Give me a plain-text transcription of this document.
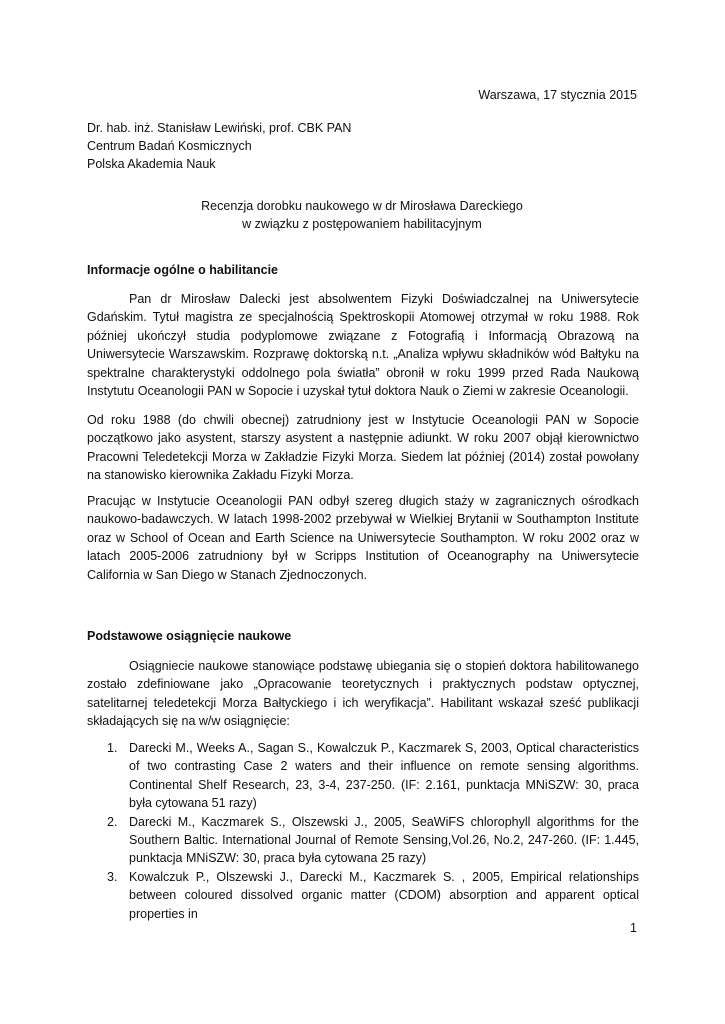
Warszawa, 17 stycznia 2015
Dr. hab. inż. Stanisław Lewiński, prof. CBK PAN
Centrum Badań Kosmicznych
Polska Akademia Nauk
Recenzja dorobku naukowego w dr Mirosława Dareckiego
w związku z postępowaniem habilitacyjnym
Informacje ogólne o habilitancie
Pan dr Mirosław Dalecki jest absolwentem Fizyki Doświadczalnej na Uniwersytecie Gdańskim. Tytuł magistra ze specjalnością Spektroskopii Atomowej otrzymał w roku 1988. Rok później ukończył studia podyplomowe związane z Fotografią i Informacją Obrazową na Uniwersytecie Warszawskim. Rozprawę doktorską n.t. „Analiza wpływu składników wód Bałtyku na spektralne charakterystyki oddolnego pola światła” obronił w roku 1999 przed Rada Naukową Instytutu Oceanologii PAN w Sopocie i uzyskał tytuł doktora Nauk o Ziemi w zakresie Oceanologii.
Od roku 1988 (do chwili obecnej) zatrudniony jest w Instytucie Oceanologii PAN w Sopocie początkowo jako asystent, starszy asystent a następnie adiunkt. W roku 2007 objął kierownictwo Pracowni Teledetekcji Morza w Zakładzie Fizyki Morza. Siedem lat później (2014) został powołany na stanowisko kierownika Zakładu Fizyki Morza.
Pracując w Instytucie Oceanologii PAN odbył szereg długich staży w zagranicznych ośrodkach naukowo-badawczych. W latach 1998-2002 przebywał w Wielkiej Brytanii w Southampton Institute oraz w School of Ocean and Earth Science na Uniwersytecie Southampton. W roku 2002 oraz w latach 2005-2006 zatrudniony był w Scripps Institution of Oceanography na Uniwersytecie California w San Diego w Stanach Zjednoczonych.
Podstawowe osiągnięcie naukowe
Osiągniecie naukowe stanowiące podstawę ubiegania się o stopień doktora habilitowanego zostało zdefiniowane jako „Opracowanie teoretycznych i praktycznych podstaw optycznej, satelitarnej teledetekcji Morza Bałtyckiego i ich weryfikacja”. Habilitant wskazał sześć publikacji składających się na w/w osiągnięcie:
1. Darecki M., Weeks A., Sagan S., Kowalczuk P., Kaczmarek S, 2003, Optical characteristics of two contrasting Case 2 waters and their influence on remote sensing algorithms. Continental Shelf Research, 23, 3-4, 237-250. (IF: 2.161, punktacja MNiSZW: 30, praca była cytowana 51 razy)
2. Darecki M., Kaczmarek S., Olszewski J., 2005, SeaWiFS chlorophyll algorithms for the Southern Baltic. International Journal of Remote Sensing,Vol.26, No.2, 247-260. (IF: 1.445, punktacja MNiSZW: 30, praca była cytowana 25 razy)
3. Kowalczuk P., Olszewski J., Darecki M., Kaczmarek S. , 2005, Empirical relationships between coloured dissolved organic matter (CDOM) absorption and apparent optical properties in
1
